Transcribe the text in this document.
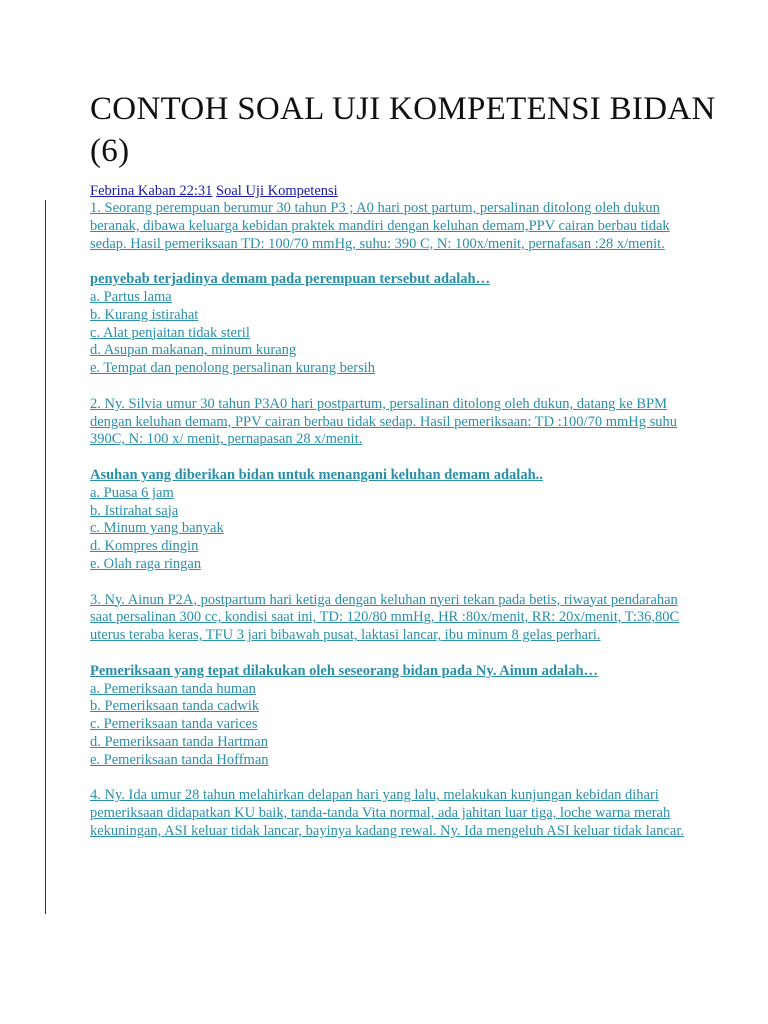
CONTOH SOAL UJI KOMPETENSI BIDAN (6)
Febrina Kaban 22:31 Soal Uji Kompetensi

1. Seorang perempuan berumur 30 tahun P3 ; A0 hari post partum, persalinan ditolong oleh dukun beranak, dibawa keluarga kebidan praktek mandiri dengan keluhan demam,PPV cairan berbau tidak sedap. Hasil pemeriksaan TD: 100/70 mmHg, suhu: 390 C, N: 100x/menit, pernafasan :28 x/menit.

penyebab terjadinya demam pada perempuan tersebut adalah…

a. Partus lama
b. Kurang istirahat
c. Alat penjaitan tidak steril
d. Asupan makanan, minum kurang
e. Tempat dan penolong persalinan kurang bersih

2. Ny. Silvia umur 30 tahun P3A0 hari postpartum, persalinan ditolong oleh dukun, datang ke BPM dengan keluhan demam, PPV cairan berbau tidak sedap. Hasil pemeriksaan: TD :100/70 mmHg suhu 390C, N: 100 x/ menit, pernapasan 28 x/menit.

Asuhan yang diberikan bidan untuk menangani keluhan demam adalah..

a. Puasa 6 jam
b. Istirahat saja
c. Minum yang banyak
d. Kompres dingin
e. Olah raga ringan

3. Ny. Ainun P2A, postpartum hari ketiga dengan keluhan nyeri tekan pada betis, riwayat pendarahan saat persalinan 300 cc, kondisi saat ini, TD: 120/80 mmHg, HR :80x/menit, RR: 20x/menit, T:36,80C uterus teraba keras, TFU 3 jari bibawah pusat, laktasi lancar, ibu minum 8 gelas perhari.

Pemeriksaan yang tepat dilakukan oleh seseorang bidan pada Ny. Ainun adalah…

a. Pemeriksaan tanda human
b. Pemeriksaan tanda cadwik
c. Pemeriksaan tanda varices
d. Pemeriksaan tanda Hartman
e. Pemeriksaan tanda Hoffman

4. Ny. Ida umur 28 tahun melahirkan delapan hari yang lalu, melakukan kunjungan kebidan dihari pemeriksaan didapatkan KU baik, tanda-tanda Vita normal, ada jahitan luar tiga, loche warna merah kekuningan, ASI keluar tidak lancar, bayinya kadang rewal. Ny. Ida mengeluh ASI keluar tidak lancar.
